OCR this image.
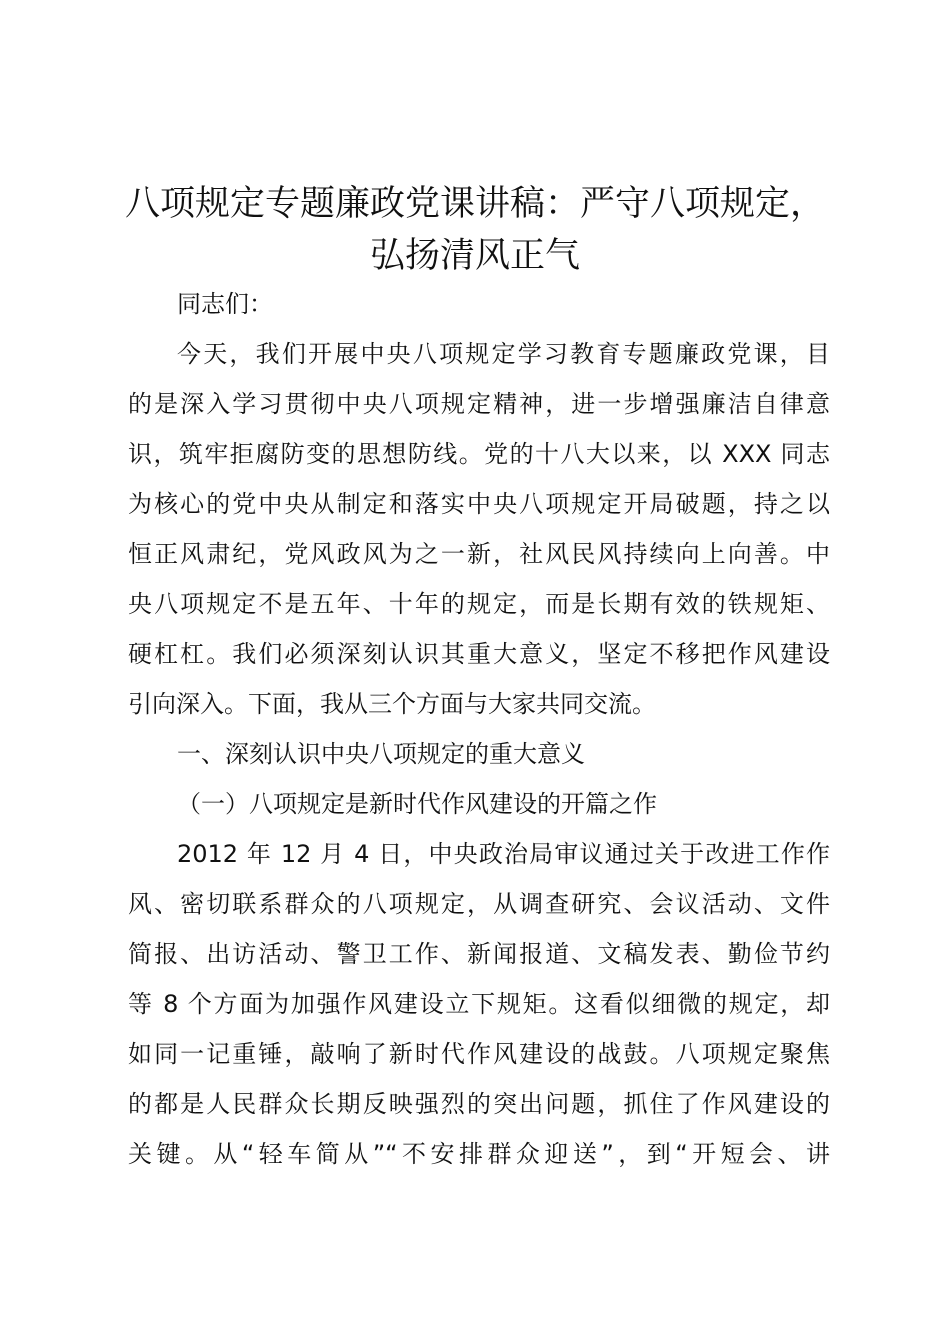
八项规定专题廉政党课讲稿：严守八项规定，
弘扬清风正气

同志们：

今天，我们开展中央八项规定学习教育专题廉政党课，目

的是深入学习贯彻中央八项规定精神，进一步增强廉洁自律意

识，筑牢拒腐防变的思想防线。党的十八大以来，以 XXX 同志

为核心的党中央从制定和落实中央八项规定开局破题，持之以

恒正风肃纪，党风政风为之一新，社风民风持续向上向善。中

央八项规定不是五年、十年的规定，而是长期有效的铁规矩、

硬杠杠。我们必须深刻认识其重大意义，坚定不移把作风建设

引向深入。下面，我从三个方面与大家共同交流。

一、深刻认识中央八项规定的重大意义

（一）八项规定是新时代作风建设的开篇之作

2012 年 12 月 4 日，中央政治局审议通过关于改进工作作

风、密切联系群众的八项规定，从调查研究、会议活动、文件

简报、出访活动、警卫工作、新闻报道、文稿发表、勤俭节约

等 8 个方面为加强作风建设立下规矩。这看似细微的规定，却

如同一记重锤，敲响了新时代作风建设的战鼓。八项规定聚焦

的都是人民群众长期反映强烈的突出问题，抓住了作风建设的

关键。从“轻车简从”“不安排群众迎送”，到“开短会、讲
